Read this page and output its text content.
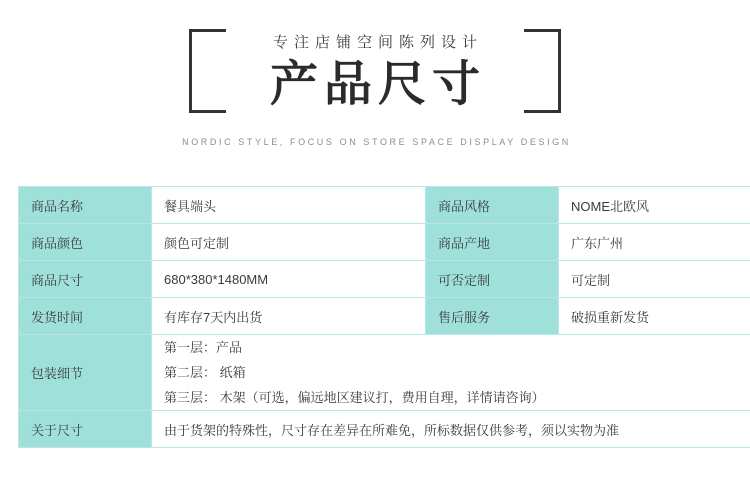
专注店铺空间陈列设计
产品尺寸
NORDIC STYLE, FOCUS ON STORE SPACE DISPLAY DESIGN
商品名称	餐具端头	商品风格	NOME北欧风
商品颜色	颜色可定制	商品产地	广东广州
商品尺寸	680*380*1480MM	可否定制	可定制
发货时间	有库存7天内出货	售后服务	破损重新发货
包装细节	第一层：产品
第二层： 纸箱
第三层： 木架（可选，偏远地区建议打，费用自理，详情请咨询）		

关于尺寸	由于货架的特殊性，尺寸存在差异在所难免，所标数据仅供参考，须以实物为准		
